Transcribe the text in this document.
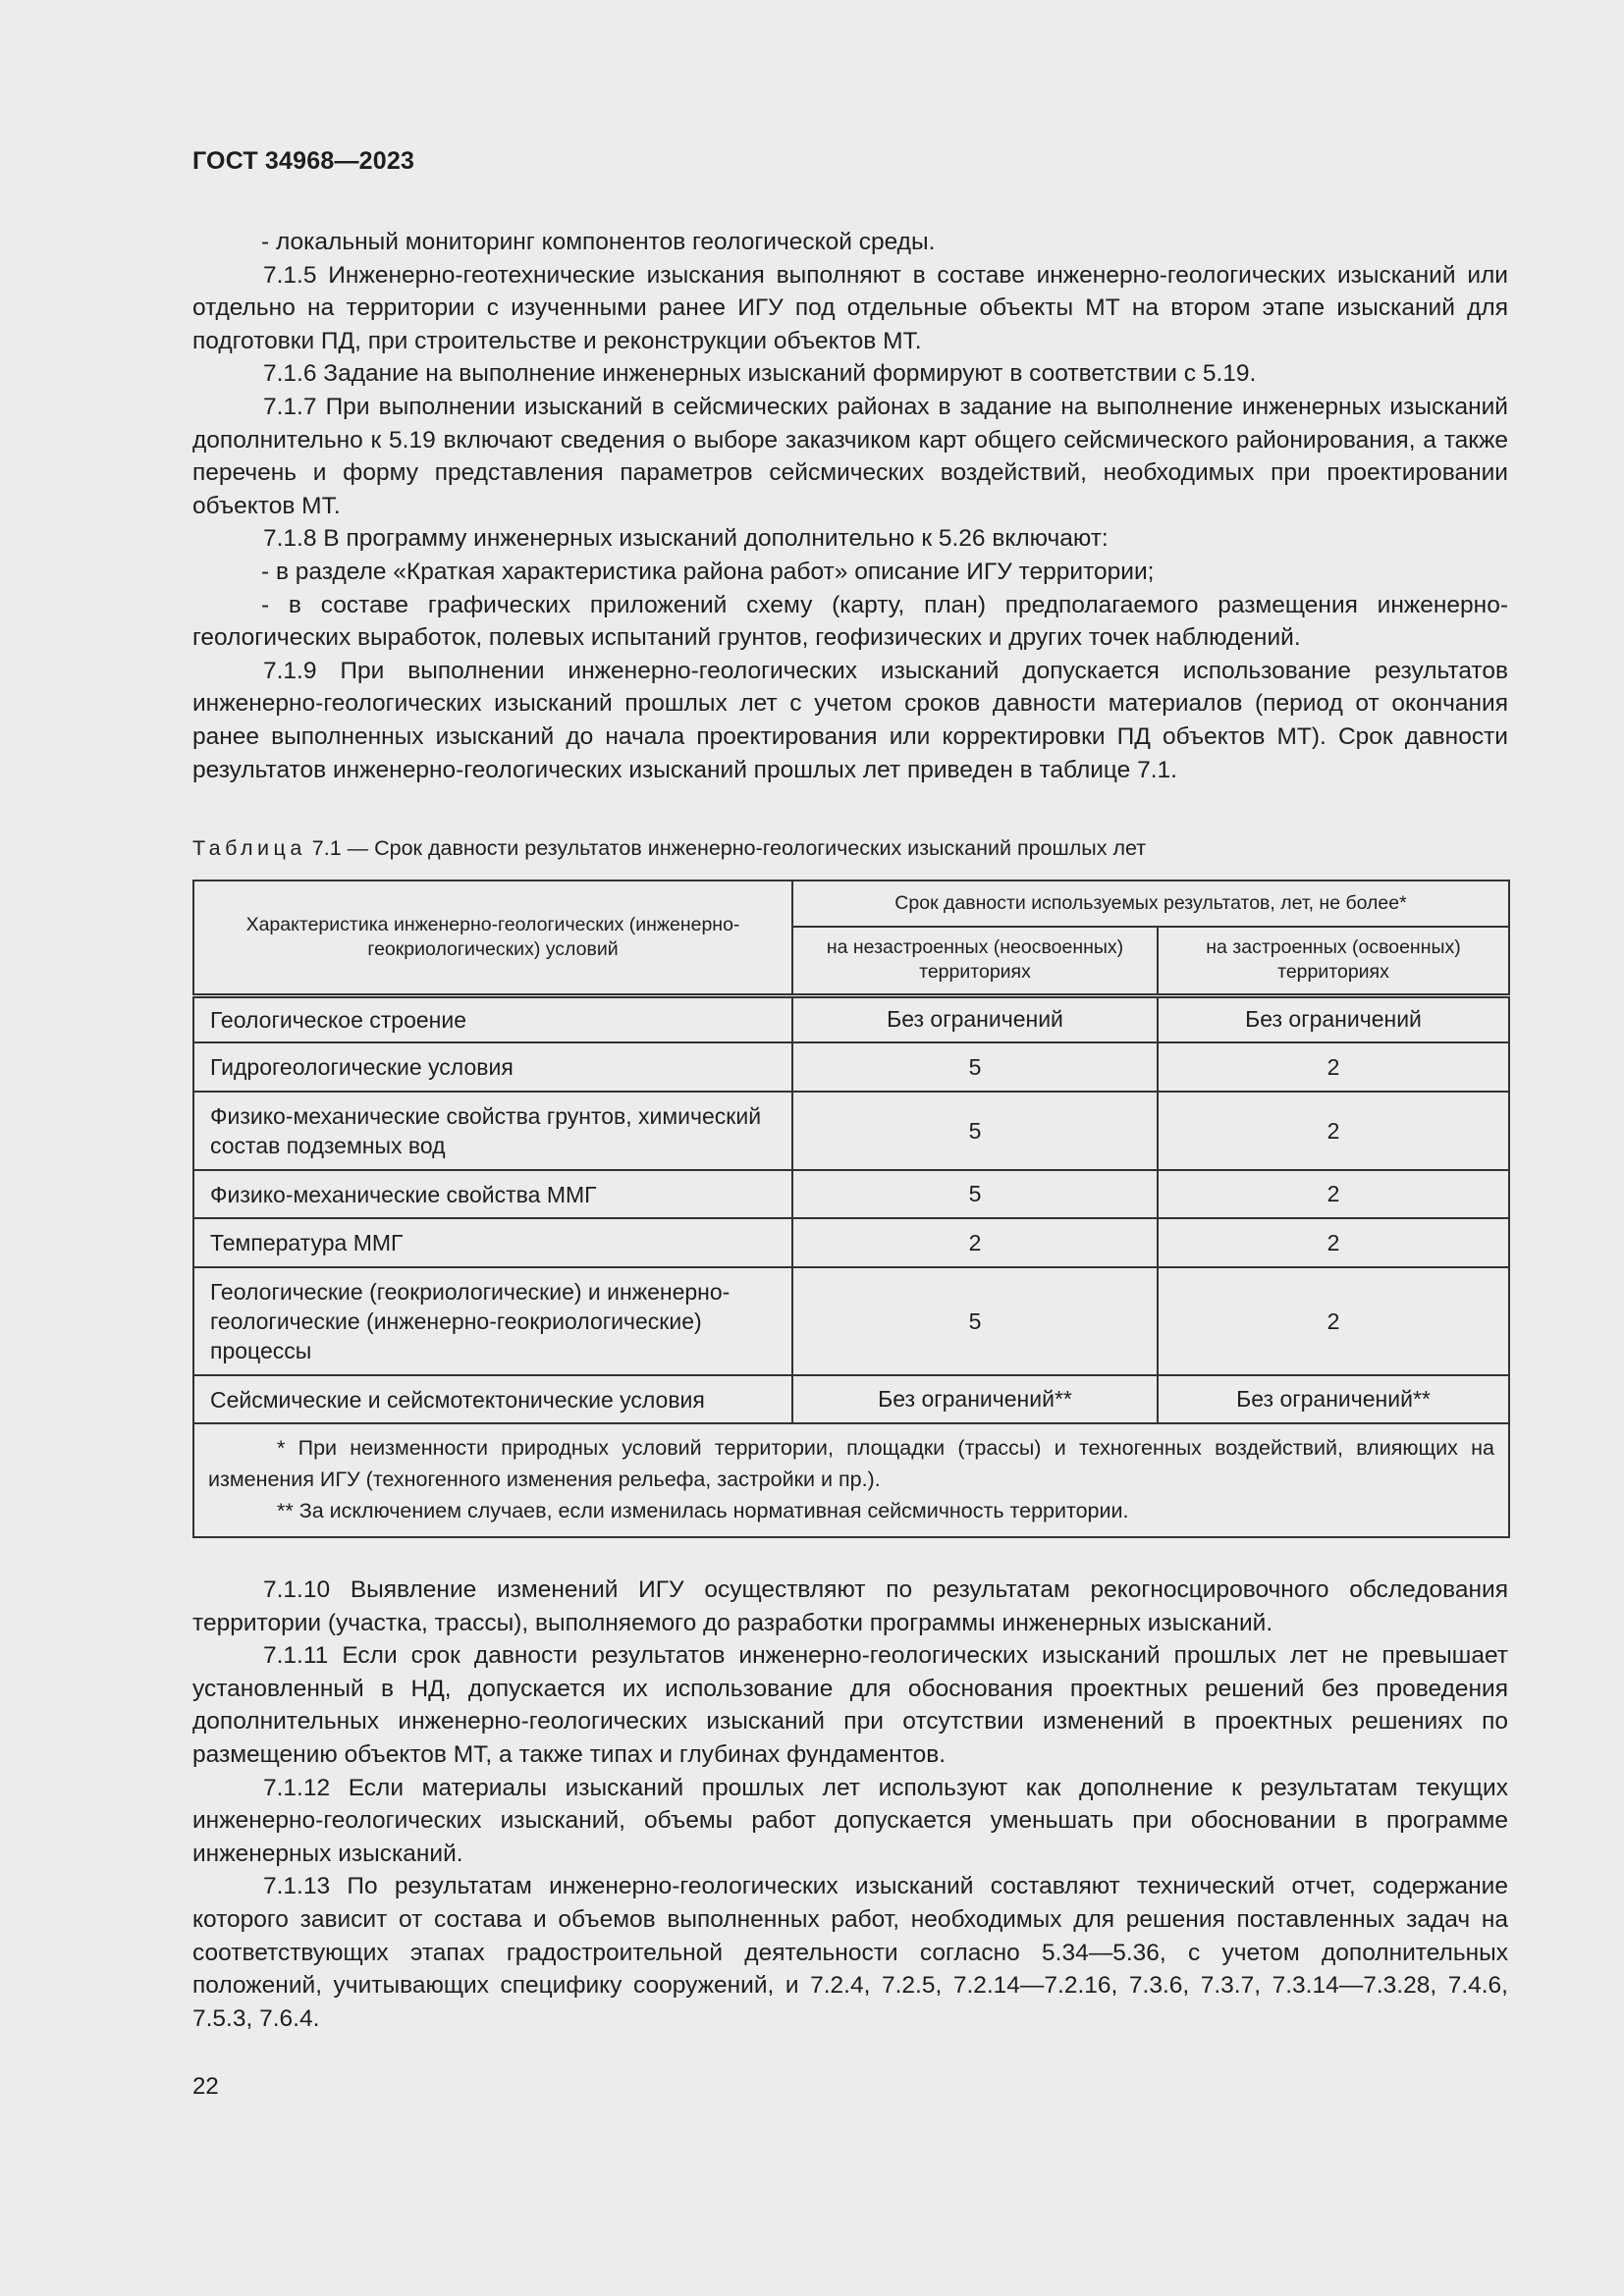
ГОСТ 34968—2023

- локальный мониторинг компонентов геологической среды.

7.1.5 Инженерно-геотехнические изыскания выполняют в составе инженерно-геологических изысканий или отдельно на территории с изученными ранее ИГУ под отдельные объекты МТ на втором этапе изысканий для подготовки ПД, при строительстве и реконструкции объектов МТ.

7.1.6 Задание на выполнение инженерных изысканий формируют в соответствии с 5.19.

7.1.7 При выполнении изысканий в сейсмических районах в задание на выполнение инженерных изысканий дополнительно к 5.19 включают сведения о выборе заказчиком карт общего сейсмического районирования, а также перечень и форму представления параметров сейсмических воздействий, необходимых при проектировании объектов МТ.

7.1.8 В программу инженерных изысканий дополнительно к 5.26 включают:

- в разделе «Краткая характеристика района работ» описание ИГУ территории;

- в составе графических приложений схему (карту, план) предполагаемого размещения инженерно-геологических выработок, полевых испытаний грунтов, геофизических и других точек наблюдений.

7.1.9 При выполнении инженерно-геологических изысканий допускается использование результатов инженерно-геологических изысканий прошлых лет с учетом сроков давности материалов (период от окончания ранее выполненных изысканий до начала проектирования или корректировки ПД объектов МТ). Срок давности результатов инженерно-геологических изысканий прошлых лет приведен в таблице 7.1.

Таблица 7.1 — Срок давности результатов инженерно-геологических изысканий прошлых лет
Характеристика инженерно-геологических (инженерно-геокриологических) условий	Срок давности используемых результатов, лет, не более*	
	на незастроенных (неосвоенных) территориях	на застроенных (освоенных) территориях
Геологическое строение	Без ограничений	Без ограничений
Гидрогеологические условия	5	2
Физико-механические свойства грунтов, химический состав подземных вод	5	2
Физико-механические свойства ММГ	5	2
Температура ММГ	2	2
Геологические (геокриологические) и инженерно-геологические (инженерно-геокриологические) процессы	5	2
Сейсмические и сейсмотектонические условия	Без ограничений**	Без ограничений**

* При неизменности природных условий территории, площадки (трассы) и техногенных воздействий, влияющих на изменения ИГУ (техногенного изменения рельефа, застройки и пр.).

** За исключением случаев, если изменилась нормативная сейсмичность территории.		

7.1.10 Выявление изменений ИГУ осуществляют по результатам рекогносцировочного обследования территории (участка, трассы), выполняемого до разработки программы инженерных изысканий.

7.1.11 Если срок давности результатов инженерно-геологических изысканий прошлых лет не превышает установленный в НД, допускается их использование для обоснования проектных решений без проведения дополнительных инженерно-геологических изысканий при отсутствии изменений в проектных решениях по размещению объектов МТ, а также типах и глубинах фундаментов.

7.1.12 Если материалы изысканий прошлых лет используют как дополнение к результатам текущих инженерно-геологических изысканий, объемы работ допускается уменьшать при обосновании в программе инженерных изысканий.

7.1.13 По результатам инженерно-геологических изысканий составляют технический отчет, содержание которого зависит от состава и объемов выполненных работ, необходимых для решения поставленных задач на соответствующих этапах градостроительной деятельности согласно 5.34—5.36, с учетом дополнительных положений, учитывающих специфику сооружений, и 7.2.4, 7.2.5, 7.2.14—7.2.16, 7.3.6, 7.3.7, 7.3.14—7.3.28, 7.4.6, 7.5.3, 7.6.4.

22
